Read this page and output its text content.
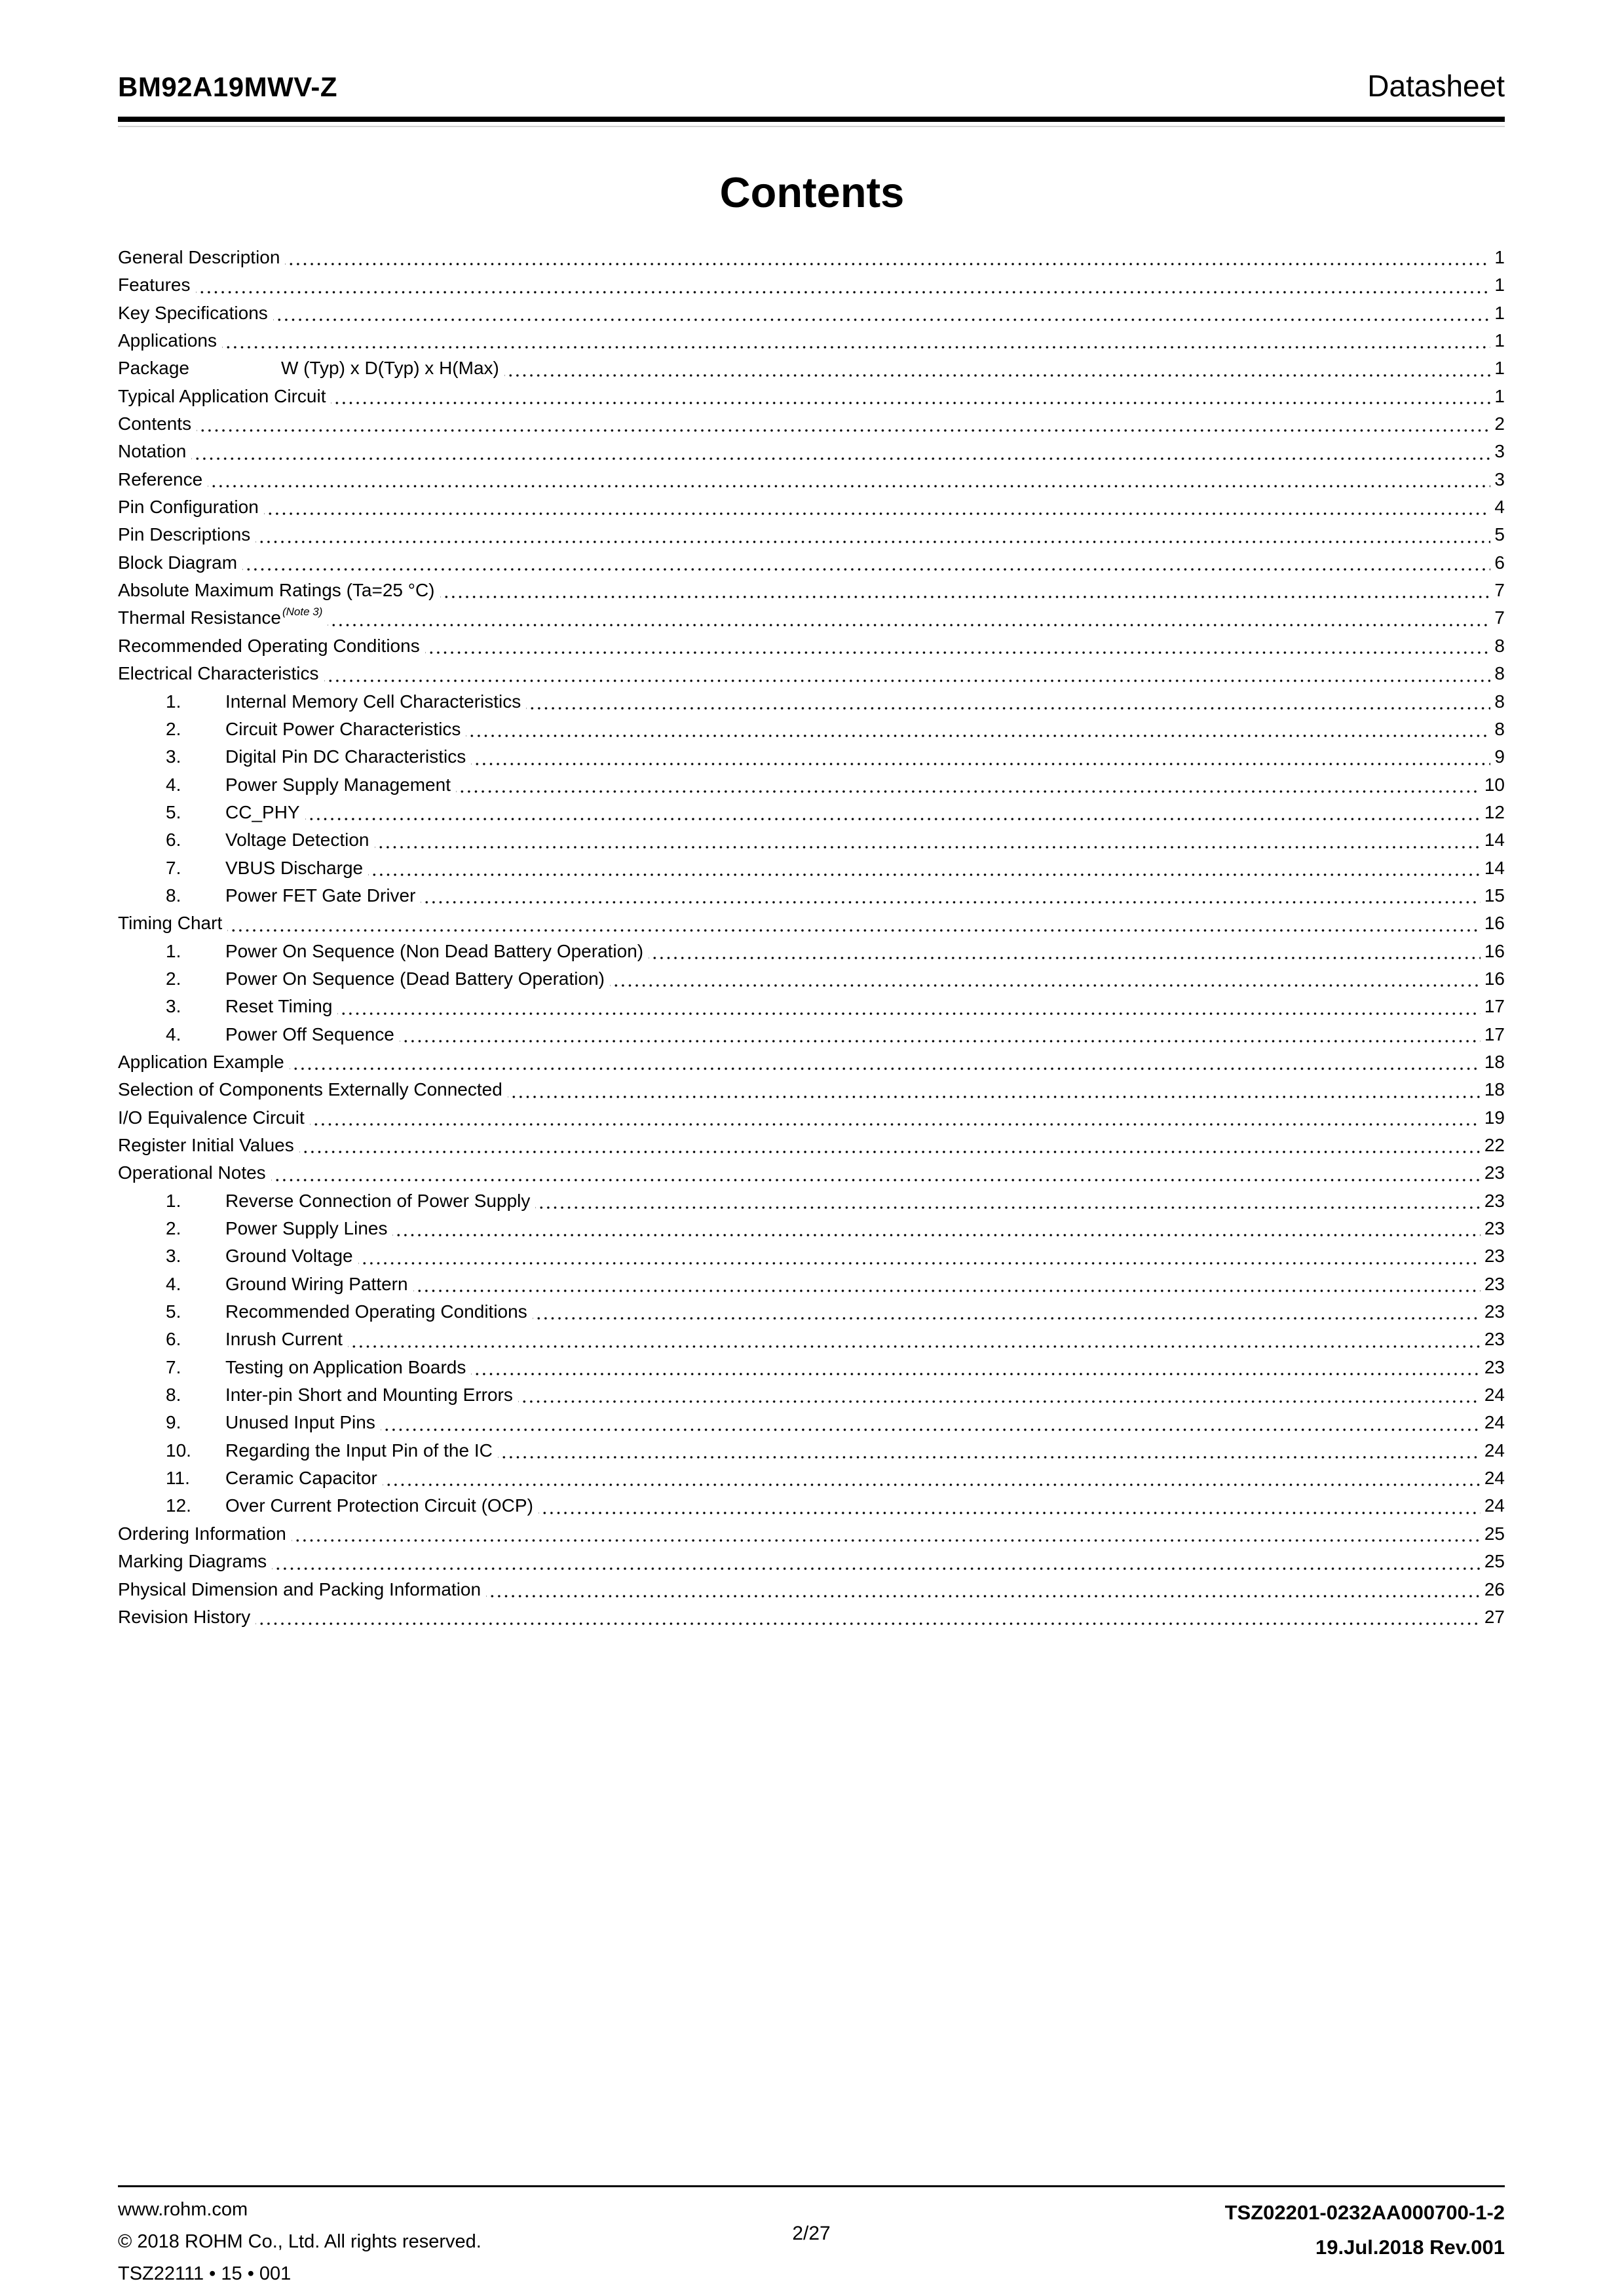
BM92A19MWV-Z	Datasheet
Contents
General Description	1
Features	1
Key Specifications	1
Applications	1
Package	W (Typ) x D(Typ) x H(Max)	1
Typical Application Circuit	1
Contents	2
Notation	3
Reference	3
Pin Configuration	4
Pin Descriptions	5
Block Diagram	6
Absolute Maximum Ratings (Ta=25 °C)	7
Thermal Resistance (Note 3)	7
Recommended Operating Conditions	8
Electrical Characteristics	8
1.	Internal Memory Cell Characteristics	8
2.	Circuit Power Characteristics	8
3.	Digital Pin DC Characteristics	9
4.	Power Supply Management	10
5.	CC_PHY	12
6.	Voltage Detection	14
7.	VBUS Discharge	14
8.	Power FET Gate Driver	15
Timing Chart	16
1.	Power On Sequence (Non Dead Battery Operation)	16
2.	Power On Sequence (Dead Battery Operation)	16
3.	Reset Timing	17
4.	Power Off Sequence	17
Application Example	18
Selection of Components Externally Connected	18
I/O Equivalence Circuit	19
Register Initial Values	22
Operational Notes	23
1.	Reverse Connection of Power Supply	23
2.	Power Supply Lines	23
3.	Ground Voltage	23
4.	Ground Wiring Pattern	23
5.	Recommended Operating Conditions	23
6.	Inrush Current	23
7.	Testing on Application Boards	23
8.	Inter-pin Short and Mounting Errors	24
9.	Unused Input Pins	24
10.	Regarding the Input Pin of the IC	24
11.	Ceramic Capacitor	24
12.	Over Current Protection Circuit (OCP)	24
Ordering Information	25
Marking Diagrams	25
Physical Dimension and Packing Information	26
Revision History	27
www.rohm.com
© 2018 ROHM Co., Ltd. All rights reserved.
TSZ22111 • 15 • 001
2/27
TSZ02201-0232AA000700-1-2
19.Jul.2018 Rev.001
